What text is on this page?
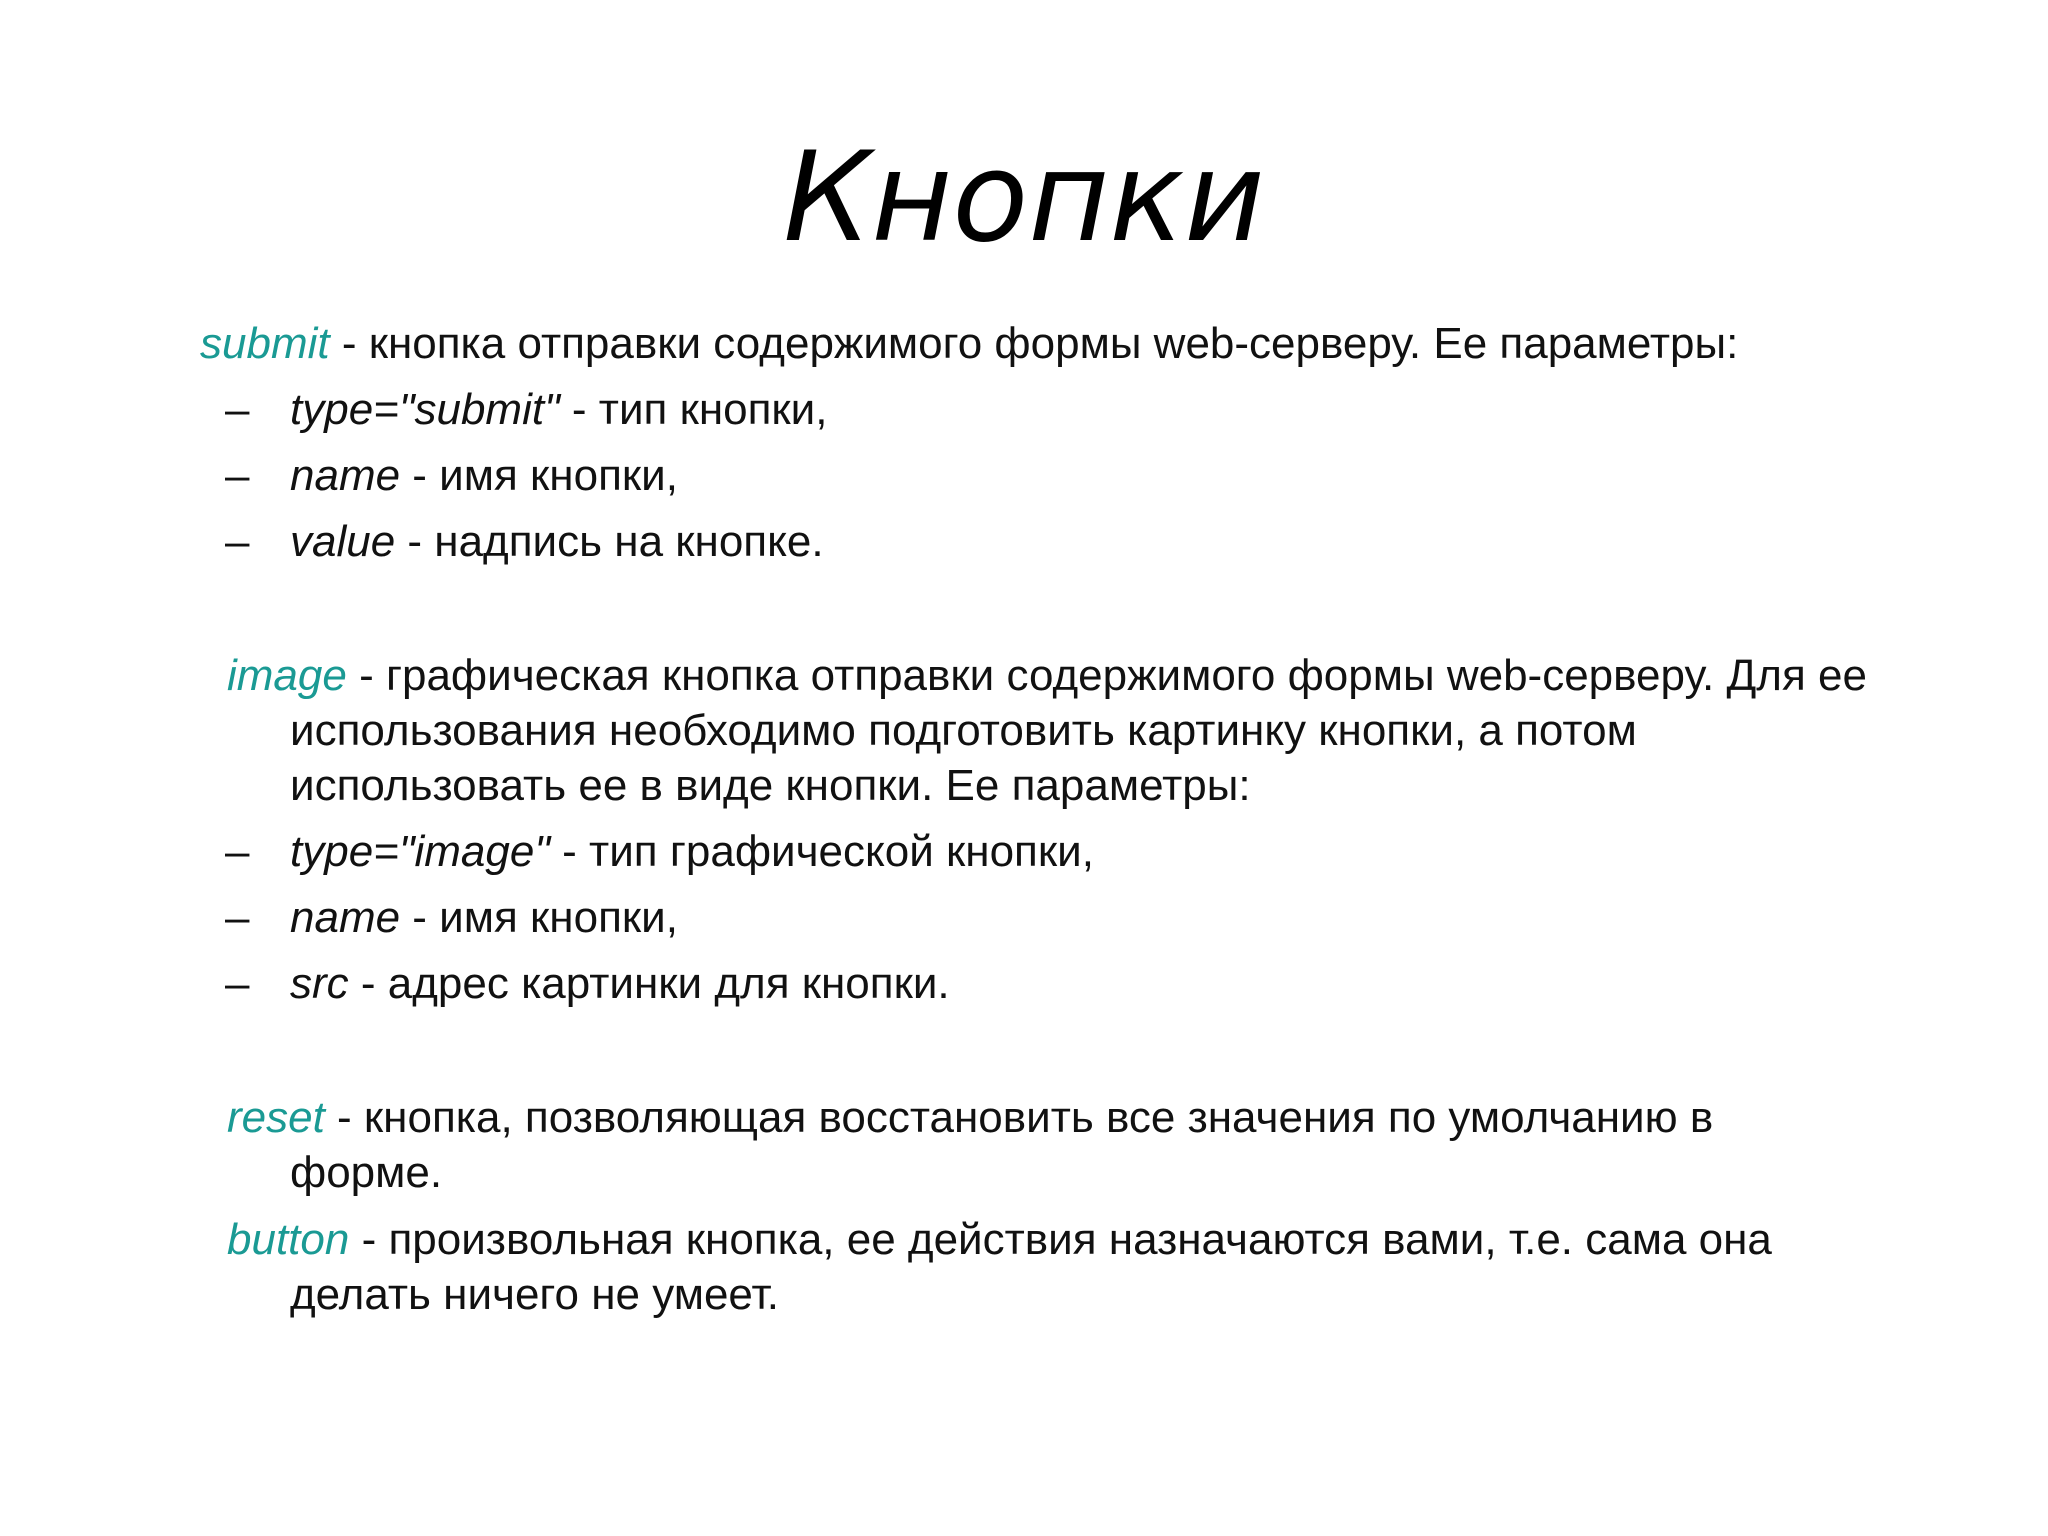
Кнопки

submit - кнопка отправки содержимого формы web-серверу. Ее параметры:

– type="submit" - тип кнопки,

– name - имя кнопки,

– value - надпись на кнопке.

image - графическая кнопка отправки содержимого формы web-серверу. Для ее

использования необходимо подготовить картинку кнопки, а потом

использовать ее в виде кнопки. Ее параметры:

– type="image" - тип графической кнопки,

– name - имя кнопки,

– src - адрес картинки для кнопки.

reset - кнопка, позволяющая восстановить все значения по умолчанию в

форме.

button - произвольная кнопка, ее действия назначаются вами, т.е. сама она

делать ничего не умеет.
